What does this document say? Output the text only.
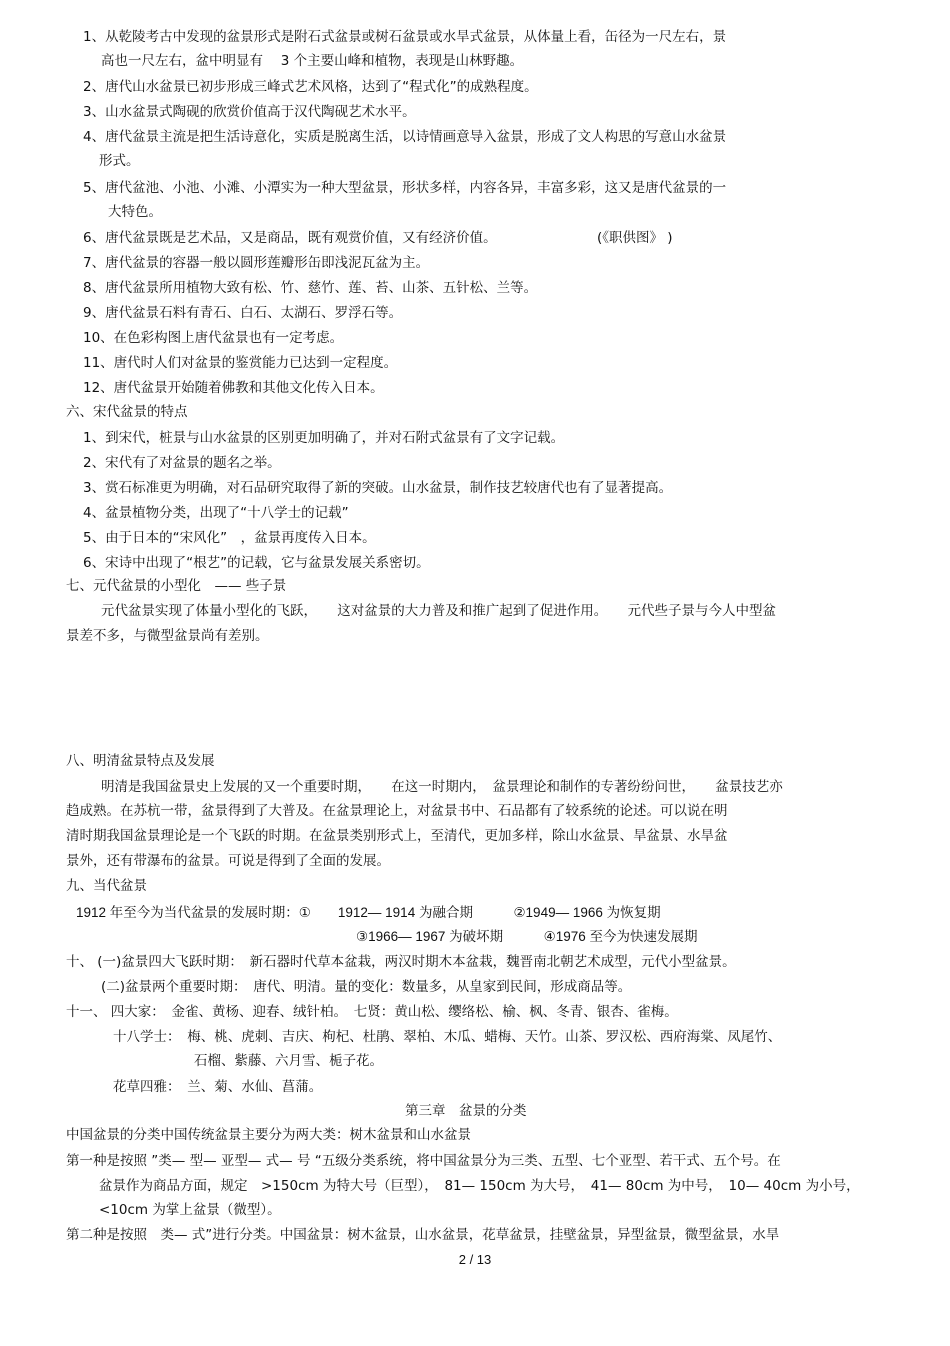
1、从乾陵考古中发现的盆景形式是附石式盆景或树石盆景或水旱式盆景，从体量上看，缶径为一尺左右，景
高也一尺左右，盆中明显有　 3 个主要山峰和植物，表现是山林野趣。
2、唐代山水盆景已初步形成三峰式艺术风格，达到了“程式化”的成熟程度。
3、山水盆景式陶砚的欣赏价值高于汉代陶砚艺术水平。
4、唐代盆景主流是把生活诗意化，实质是脱离生活，以诗情画意导入盆景，形成了文人构思的写意山水盆景
形式。
5、唐代盆池、小池、小滩、小潭实为一种大型盆景，形状多样，内容各异，丰富多彩，这又是唐代盆景的一
大特色。
6、唐代盆景既是艺术品，又是商品，既有观赏价值，又有经济价值。	(《职供图》 )
7、唐代盆景的容器一般以圆形莲瓣形缶即浅泥瓦盆为主。
8、唐代盆景所用植物大致有松、竹、慈竹、莲、苔、山茶、五针松、兰等。
9、唐代盆景石料有青石、白石、太湖石、罗浮石等。
10、在色彩构图上唐代盆景也有一定考虑。
11、唐代时人们对盆景的鉴赏能力已达到一定程度。
12、唐代盆景开始随着佛教和其他文化传入日本。
六、宋代盆景的特点
1、到宋代，桩景与山水盆景的区别更加明确了，并对石附式盆景有了文字记载。
2、宋代有了对盆景的题名之举。
3、赏石标准更为明确，对石品研究取得了新的突破。山水盆景，制作技艺较唐代也有了显著提高。
4、盆景植物分类，出现了“十八学士的记载”
5、由于日本的“宋风化”　，盆景再度传入日本。
6、宋诗中出现了“根艺”的记载，它与盆景发展关系密切。
七、元代盆景的小型化　—— 些子景
元代盆景实现了体量小型化的飞跃，　　这对盆景的大力普及和推广起到了促进作用。　　元代些子景与今人中型盆
景差不多，与微型盆景尚有差别。
八、明清盆景特点及发展
明清是我国盆景史上发展的又一个重要时期，　　在这一时期内，　盆景理论和制作的专著纷纷问世，　　盆景技艺亦
趋成熟。在苏杭一带，盆景得到了大普及。在盆景理论上，对盆景书中、石品都有了较系统的论述。可以说在明
清时期我国盆景理论是一个飞跃的时期。在盆景类别形式上，至清代，更加多样，除山水盆景、旱盆景、水旱盆
景外，还有带瀑布的盆景。可说是得到了全面的发展。
九、当代盆景
1912 年至今为当代盆景的发展时期：①　　1912— 1914 为融合期　　　②1949— 1966 为恢复期
③1966— 1967 为破坏期　　　④1976 至今为快速发展期
十、 (一)盆景四大飞跃时期：　新石器时代草本盆栽，两汉时期木本盆栽，魏晋南北朝艺术成型，元代小型盆景。
(二)盆景两个重要时期：　唐代、明清。量的变化：数量多，从皇家到民间，形成商品等。
十一、 四大家：　金雀、黄杨、迎春、绒针柏。　七贤：黄山松、缨络松、榆、枫、冬青、银杏、雀梅。
十八学士：　梅、桃、虎刺、吉庆、枸杞、杜鹃、翠柏、木瓜、蜡梅、天竹。山茶、罗汉松、西府海棠、凤尾竹、
石榴、紫藤、六月雪、栀子花。
花草四雅：　兰、菊、水仙、菖蒲。
第三章　盆景的分类
中国盆景的分类中国传统盆景主要分为两大类：树木盆景和山水盆景
第一种是按照 ”类— 型— 亚型— 式— 号 “五级分类系统，将中国盆景分为三类、五型、七个亚型、若干式、五个号。在
盆景作为商品方面，规定　>150cm 为特大号（巨型），　81— 150cm 为大号，　41— 80cm 为中号，　10— 40cm 为小号，
<10cm 为掌上盆景（微型）。
第二种是按照　类— 式”进行分类。中国盆景：树木盆景，山水盆景，花草盆景，挂壁盆景，异型盆景，微型盆景，水旱
2 / 13
